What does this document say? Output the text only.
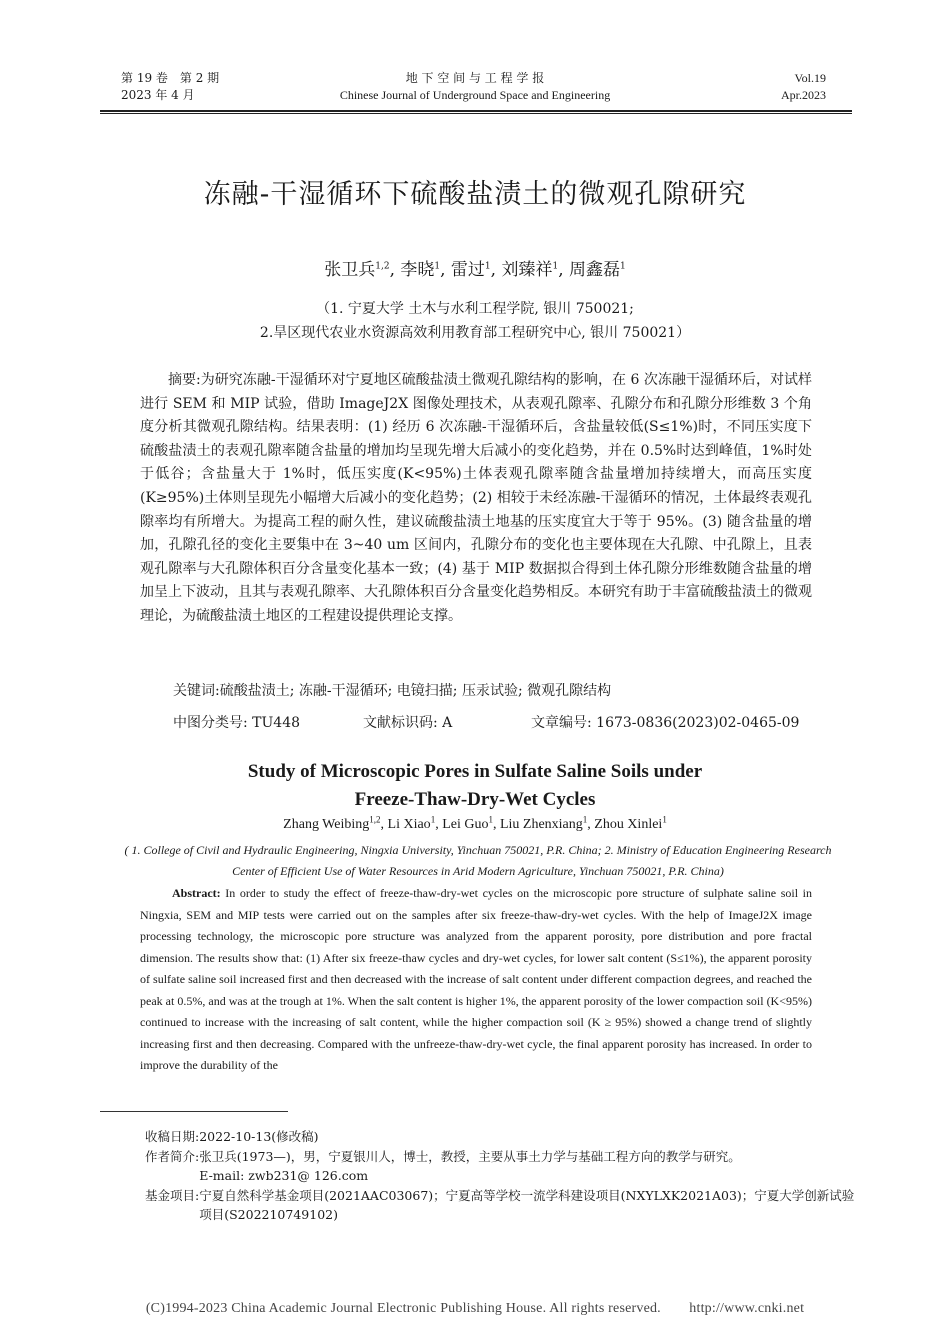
第 19 卷　第 2 期
2023 年 4 月
地 下 空 间 与 工 程 学 报
Chinese Journal of Underground Space and Engineering
Vol.19
Apr.2023
冻融-干湿循环下硫酸盐渍土的微观孔隙研究
张卫兵$^{1,2}$, 李晓$^1$, 雷过$^1$, 刘臻祥$^1$, 周鑫磊$^1$
（1. 宁夏大学 土木与水利工程学院, 银川 750021;
2.旱区现代农业水资源高效利用教育部工程研究中心, 银川 750021）
摘要:为研究冻融-干湿循环对宁夏地区硫酸盐渍土微观孔隙结构的影响，在 6 次冻融干湿循环后，对试样进行 SEM 和 MIP 试验，借助 ImageJ2X 图像处理技术，从表观孔隙率、孔隙分布和孔隙分形维数 3 个角度分析其微观孔隙结构。结果表明：(1) 经历 6 次冻融-干湿循环后，含盐量较低(S≤1%)时，不同压实度下硫酸盐渍土的表观孔隙率随含盐量的增加均呈现先增大后减小的变化趋势，并在 0.5%时达到峰值，1%时处于低谷；含盐量大于 1%时，低压实度(K<95%)土体表观孔隙率随含盐量增加持续增大，而高压实度(K≥95%)土体则呈现先小幅增大后减小的变化趋势；(2) 相较于未经冻融-干湿循环的情况，土体最终表观孔隙率均有所增大。为提高工程的耐久性，建议硫酸盐渍土地基的压实度宜大于等于 95%。(3) 随含盐量的增加，孔隙孔径的变化主要集中在 3~40 um 区间内，孔隙分布的变化也主要体现在大孔隙、中孔隙上，且表观孔隙率与大孔隙体积百分含量变化基本一致；(4) 基于 MIP 数据拟合得到土体孔隙分形维数随含盐量的增加呈上下波动，且其与表观孔隙率、大孔隙体积百分含量变化趋势相反。本研究有助于丰富硫酸盐渍土的微观理论，为硫酸盐渍土地区的工程建设提供理论支撑。
关键词:硫酸盐渍土; 冻融-干湿循环; 电镜扫描; 压汞试验; 微观孔隙结构
中图分类号: TU448	文献标识码: A	文章编号: 1673-0836(2023)02-0465-09
Study of Microscopic Pores in Sulfate Saline Soils under
Freeze-Thaw-Dry-Wet Cycles
Zhang Weibing$^{1,2}$, Li Xiao$^1$, Lei Guo$^1$, Liu Zhenxiang$^1$, Zhou Xinlei$^1$
( 1. College of Civil and Hydraulic Engineering, Ningxia University, Yinchuan 750021, P.R. China; 2. Ministry of Education Engineering Research Center of Efficient Use of Water Resources in Arid Modern Agriculture, Yinchuan 750021, P.R. China)
Abstract: In order to study the effect of freeze-thaw-dry-wet cycles on the microscopic pore structure of sulphate saline soil in Ningxia, SEM and MIP tests were carried out on the samples after six freeze-thaw-dry-wet cycles. With the help of ImageJ2X image processing technology, the microscopic pore structure was analyzed from the apparent porosity, pore distribution and pore fractal dimension. The results show that: (1) After six freeze-thaw cycles and dry-wet cycles, for lower salt content (S≤1%), the apparent porosity of sulfate saline soil increased first and then decreased with the increase of salt content under different compaction degrees, and reached the peak at 0.5%, and was at the trough at 1%. When the salt content is higher 1%, the apparent porosity of the lower compaction soil (K<95%) continued to increase with the increasing of salt content, while the higher compaction soil (K ≥ 95%) showed a change trend of slightly increasing first and then decreasing. Compared with the unfreeze-thaw-dry-wet cycle, the final apparent porosity has increased. In order to improve the durability of the
收稿日期: 2022-10-13(修改稿)
作者简介: 张卫兵(1973—)，男，宁夏银川人，博士，教授，主要从事土力学与基础工程方向的教学与研究。
E-mail: zwb231@ 126.com
基金项目: 宁夏自然科学基金项目(2021AAC03067)；宁夏高等学校一流学科建设项目(NXYLXK2021A03)；宁夏大学创新试验项目(S202210749102)
(C)1994-2023 China Academic Journal Electronic Publishing House. All rights reserved.　　http://www.cnki.net
